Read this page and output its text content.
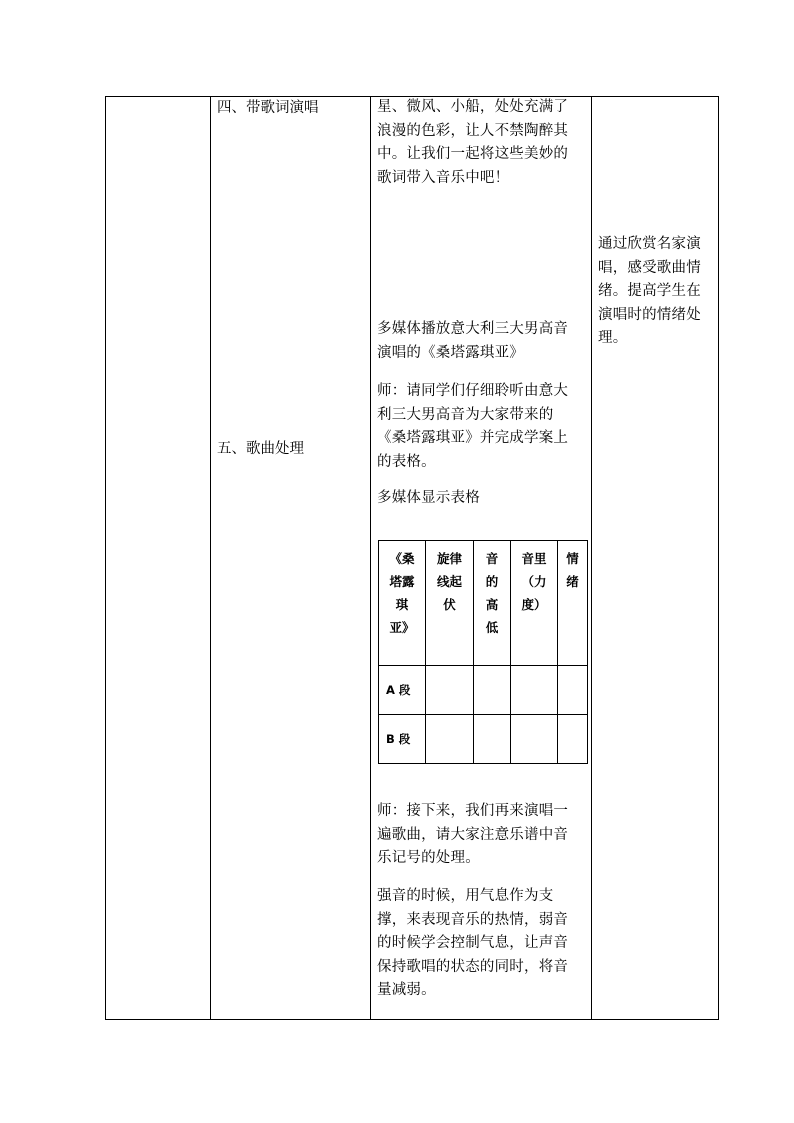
四、带歌词演唱
五、歌曲处理
星、微风、小船，处处充满了浪漫的色彩，让人不禁陶醉其中。让我们一起将这些美妙的歌词带入音乐中吧！
多媒体播放意大利三大男高音演唱的《桑塔露琪亚》
师：请同学们仔细聆听由意大利三大男高音为大家带来的《桑塔露琪亚》并完成学案上的表格。
多媒体显示表格
《桑塔露琪亚》	旋律线起伏	音的高低	音里（力度）	情绪
A 段				
B 段				
师：接下来，我们再来演唱一遍歌曲，请大家注意乐谱中音乐记号的处理。
强音的时候，用气息作为支撑，来表现音乐的热情，弱音的时候学会控制气息，让声音保持歌唱的状态的同时，将音量减弱。
通过欣赏名家演唱，感受歌曲情绪。提高学生在演唱时的情绪处理。
